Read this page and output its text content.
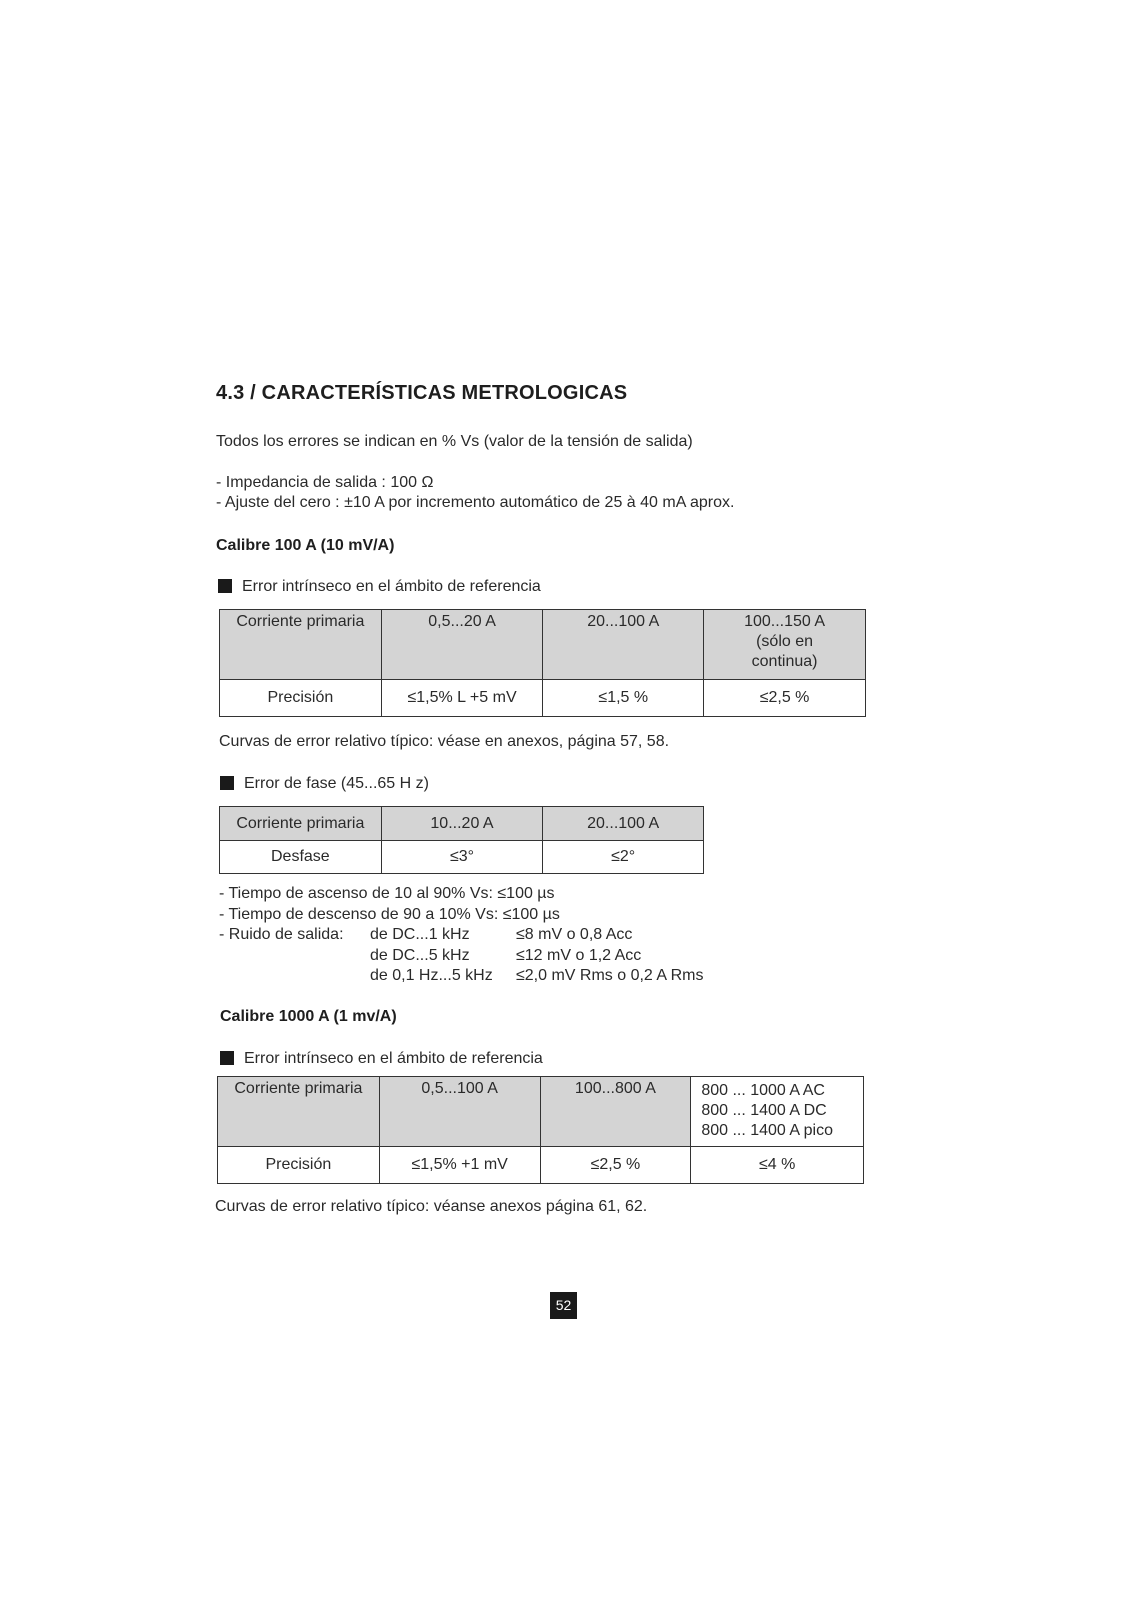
4.3 / CARACTERÍSTICAS METROLOGICAS
Todos los errores se indican en % Vs (valor de la tensión de salida)
- Impedancia de salida : 100 Ω
- Ajuste del cero : ±10 A por incremento automático de 25 à 40 mA aprox.
Calibre 100 A (10 mV/A)
Error intrínseco en el ámbito de referencia
Corriente primaria	0,5...20 A	20...100 A	100...150 A (sólo en continua)
Precisión	≤1,5% L +5 mV	≤1,5 %	≤2,5 %
Curvas de error relativo típico: véase en anexos, página 57, 58.
Error de fase (45...65 H z)
Corriente primaria	10...20 A	20...100 A
Desfase	≤3°	≤2°
- Tiempo de ascenso de 10 al 90% Vs: ≤100 µs
- Tiempo de descenso de 90 a 10% Vs: ≤100 µs
- Ruido de salida: de DC...1 kHz	≤8 mV o 0,8 Acc
de DC...5 kHz	≤12 mV o 1,2 Acc
de 0,1 Hz...5 kHz ≤2,0 mV Rms o 0,2 A Rms
Calibre 1000 A (1 mv/A)
Error intrínseco en el ámbito de referencia
Corriente primaria	0,5...100 A	100...800 A	800 ... 1000 A AC
800 ... 1400 A DC
800 ... 1400 A pico

Precisión	≤1,5% +1 mV	≤2,5 %	≤4 %
Curvas de error relativo típico: véanse anexos página 61, 62.
52
